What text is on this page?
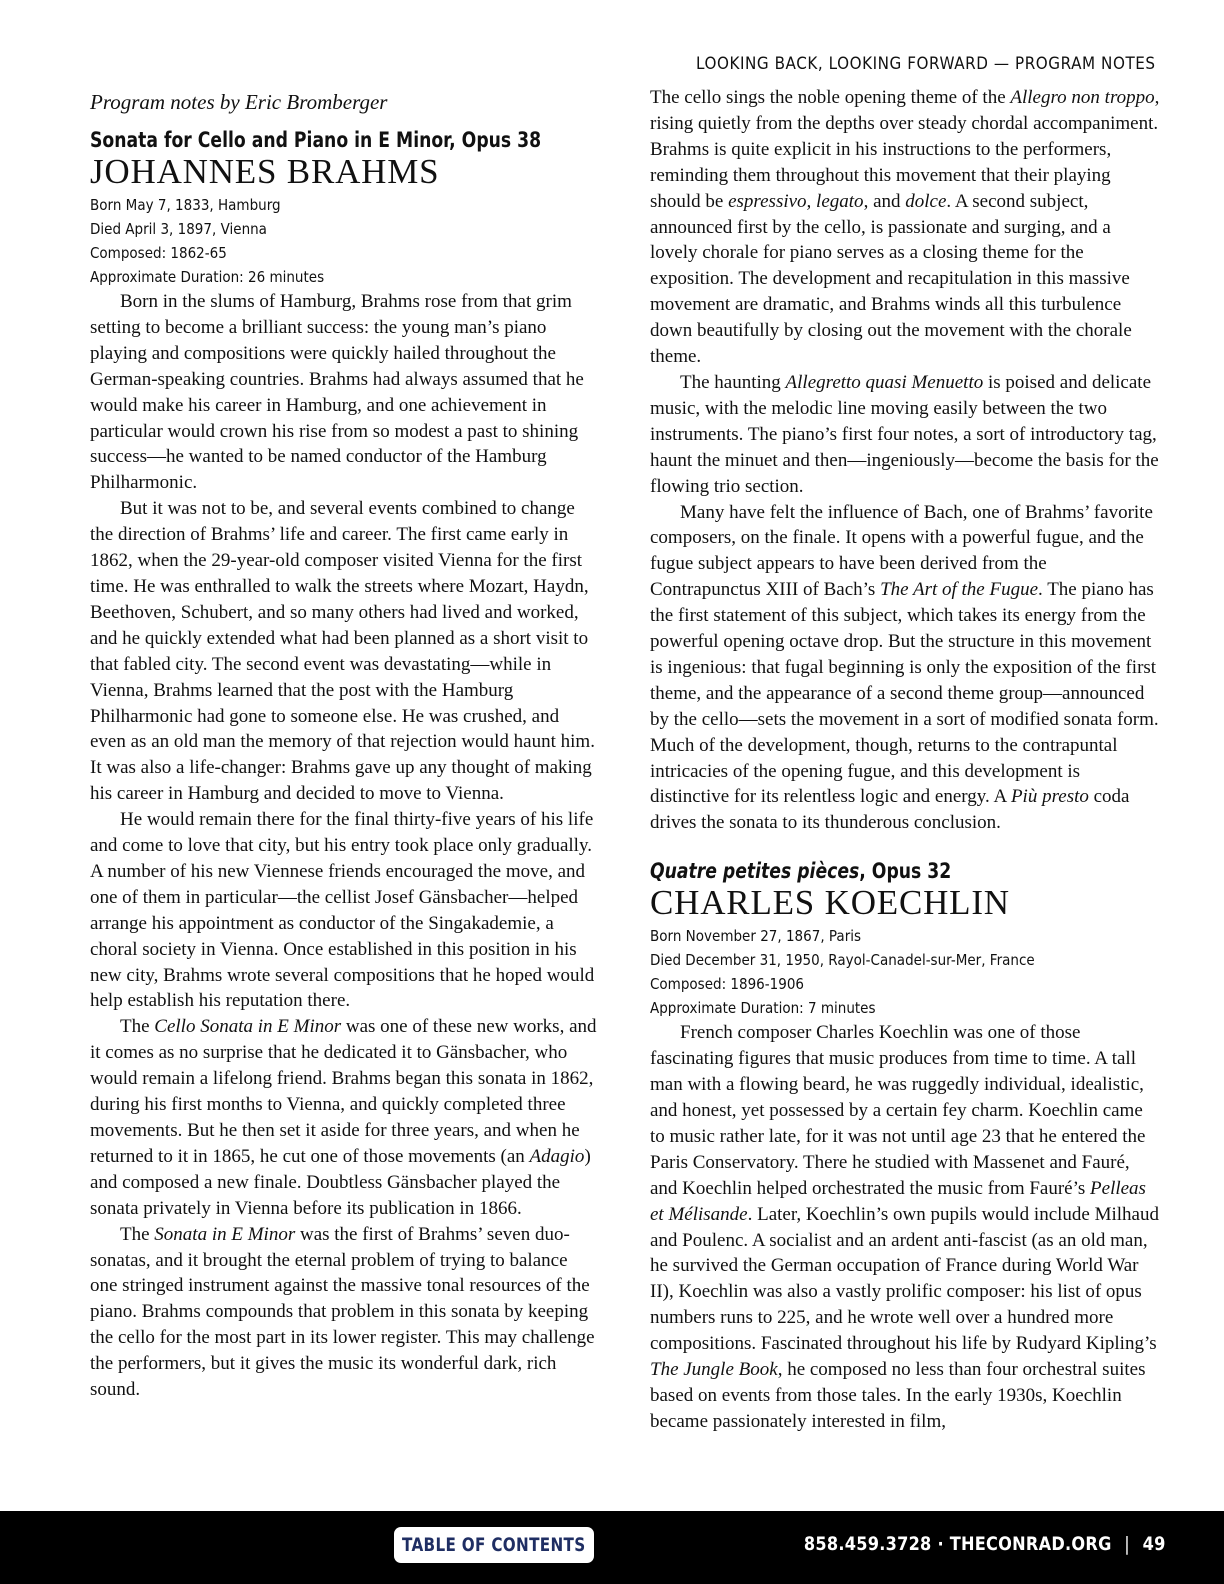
LOOKING BACK, LOOKING FORWARD — PROGRAM NOTES
Program notes by Eric Bromberger
Sonata for Cello and Piano in E Minor, Opus 38
JOHANNES BRAHMS
Born May 7, 1833, Hamburg
Died April 3, 1897, Vienna
Composed: 1862-65
Approximate Duration: 26 minutes

Born in the slums of Hamburg, Brahms rose from that grim setting to become a brilliant success: the young man’s piano playing and compositions were quickly hailed throughout the German-speaking countries. Brahms had always assumed that he would make his career in Hamburg, and one achievement in particular would crown his rise from so modest a past to shining success—he wanted to be named conductor of the Hamburg Philharmonic.

But it was not to be, and several events combined to change the direction of Brahms’ life and career. The first came early in 1862, when the 29-year-old composer visited Vienna for the first time. He was enthralled to walk the streets where Mozart, Haydn, Beethoven, Schubert, and so many others had lived and worked, and he quickly extended what had been planned as a short visit to that fabled city. The second event was devastating—while in Vienna, Brahms learned that the post with the Hamburg Philharmonic had gone to someone else. He was crushed, and even as an old man the memory of that rejection would haunt him. It was also a life-changer: Brahms gave up any thought of making his career in Hamburg and decided to move to Vienna.

He would remain there for the final thirty-five years of his life and come to love that city, but his entry took place only gradually. A number of his new Viennese friends encouraged the move, and one of them in particular—the cellist Josef Gänsbacher—helped arrange his appointment as conductor of the Singakademie, a choral society in Vienna. Once established in this position in his new city, Brahms wrote several compositions that he hoped would help establish his reputation there.

The Cello Sonata in E Minor was one of these new works, and it comes as no surprise that he dedicated it to Gänsbacher, who would remain a lifelong friend. Brahms began this sonata in 1862, during his first months to Vienna, and quickly completed three movements. But he then set it aside for three years, and when he returned to it in 1865, he cut one of those movements (an Adagio) and composed a new finale. Doubtless Gänsbacher played the sonata privately in Vienna before its publication in 1866.

The Sonata in E Minor was the first of Brahms’ seven duo-sonatas, and it brought the eternal problem of trying to balance one stringed instrument against the massive tonal resources of the piano. Brahms compounds that problem in this sonata by keeping the cello for the most part in its lower register. This may challenge the performers, but it gives the music its wonderful dark, rich sound.

The cello sings the noble opening theme of the Allegro non troppo, rising quietly from the depths over steady chordal accompaniment. Brahms is quite explicit in his instructions to the performers, reminding them throughout this movement that their playing should be espressivo, legato, and dolce. A second subject, announced first by the cello, is passionate and surging, and a lovely chorale for piano serves as a closing theme for the exposition. The development and recapitulation in this massive movement are dramatic, and Brahms winds all this turbulence down beautifully by closing out the movement with the chorale theme.

The haunting Allegretto quasi Menuetto is poised and delicate music, with the melodic line moving easily between the two instruments. The piano’s first four notes, a sort of introductory tag, haunt the minuet and then—ingeniously—become the basis for the flowing trio section.

Many have felt the influence of Bach, one of Brahms’ favorite composers, on the finale. It opens with a powerful fugue, and the fugue subject appears to have been derived from the Contrapunctus XIII of Bach’s The Art of the Fugue. The piano has the first statement of this subject, which takes its energy from the powerful opening octave drop. But the structure in this movement is ingenious: that fugal beginning is only the exposition of the first theme, and the appearance of a second theme group—announced by the cello—sets the movement in a sort of modified sonata form. Much of the development, though, returns to the contrapuntal intricacies of the opening fugue, and this development is distinctive for its relentless logic and energy. A Più presto coda drives the sonata to its thunderous conclusion.

Quatre petites pièces, Opus 32
CHARLES KOECHLIN
Born November 27, 1867, Paris
Died December 31, 1950, Rayol-Canadel-sur-Mer, France
Composed: 1896-1906
Approximate Duration: 7 minutes

French composer Charles Koechlin was one of those fascinating figures that music produces from time to time. A tall man with a flowing beard, he was ruggedly individual, idealistic, and honest, yet possessed by a certain fey charm. Koechlin came to music rather late, for it was not until age 23 that he entered the Paris Conservatory. There he studied with Massenet and Fauré, and Koechlin helped orchestrated the music from Fauré’s Pelleas et Mélisande. Later, Koechlin’s own pupils would include Milhaud and Poulenc. A socialist and an ardent anti-fascist (as an old man, he survived the German occupation of France during World War II), Koechlin was also a vastly prolific composer: his list of opus numbers runs to 225, and he wrote well over a hundred more compositions. Fascinated throughout his life by Rudyard Kipling’s The Jungle Book, he composed no less than four orchestral suites based on events from those tales. In the early 1930s, Koechlin became passionately interested in film,

TABLE OF CONTENTS	858.459.3728 · THECONRAD.ORG | 49
